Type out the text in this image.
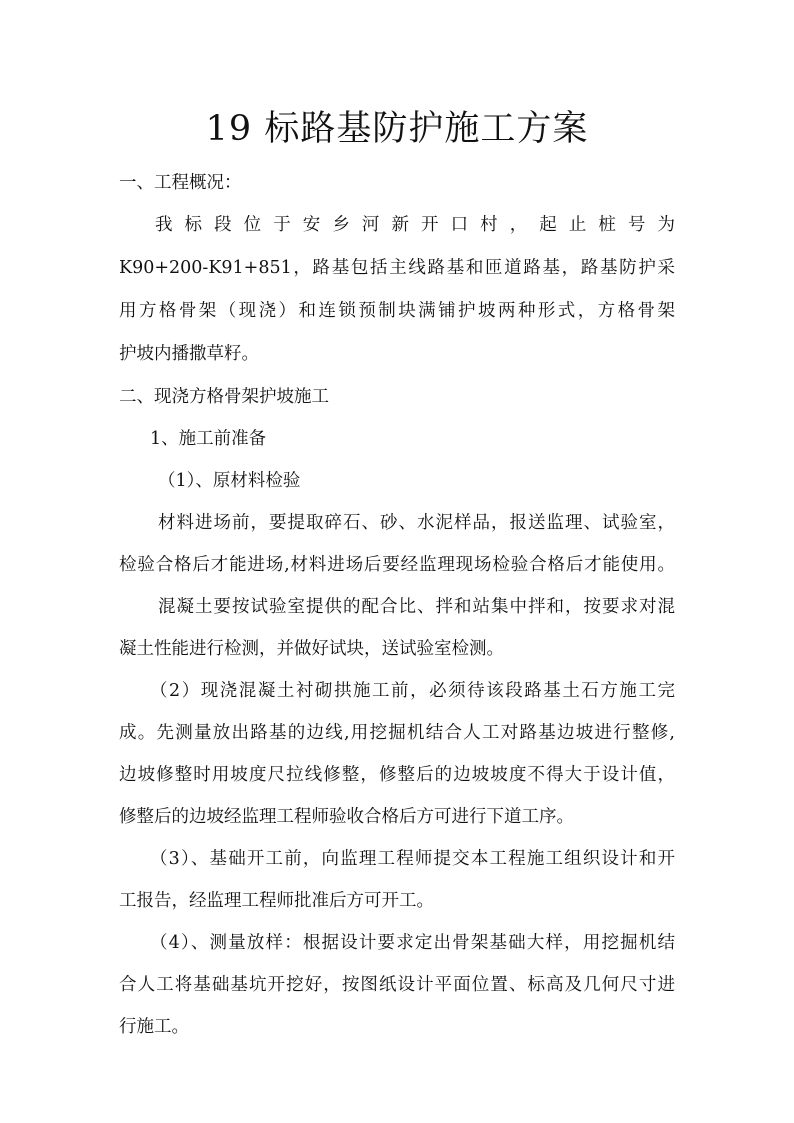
19 标路基防护施工方案
一、工程概况：
我 标 段 位 于 安 乡 河 新 开 口 村 ， 起 止 桩 号 为
K90+200-K91+851，路基包括主线路基和匝道路基，路基防护采
用方格骨架（现浇）和连锁预制块满铺护坡两种形式，方格骨架
护坡内播撒草籽。
二、现浇方格骨架护坡施工
1、施工前准备
（1）、原材料检验
材料进场前，要提取碎石、砂、水泥样品，报送监理、试验室，
检验合格后才能进场,材料进场后要经监理现场检验合格后才能使用。
混凝土要按试验室提供的配合比、拌和站集中拌和，按要求对混
凝土性能进行检测，并做好试块，送试验室检测。
（2）现浇混凝土衬砌拱施工前，必须待该段路基土石方施工完
成。先测量放出路基的边线,用挖掘机结合人工对路基边坡进行整修,
边坡修整时用坡度尺拉线修整，修整后的边坡坡度不得大于设计值，
修整后的边坡经监理工程师验收合格后方可进行下道工序。
（3）、基础开工前，向监理工程师提交本工程施工组织设计和开
工报告，经监理工程师批准后方可开工。
（4）、测量放样：根据设计要求定出骨架基础大样，用挖掘机结
合人工将基础基坑开挖好，按图纸设计平面位置、标高及几何尺寸进
行施工。
